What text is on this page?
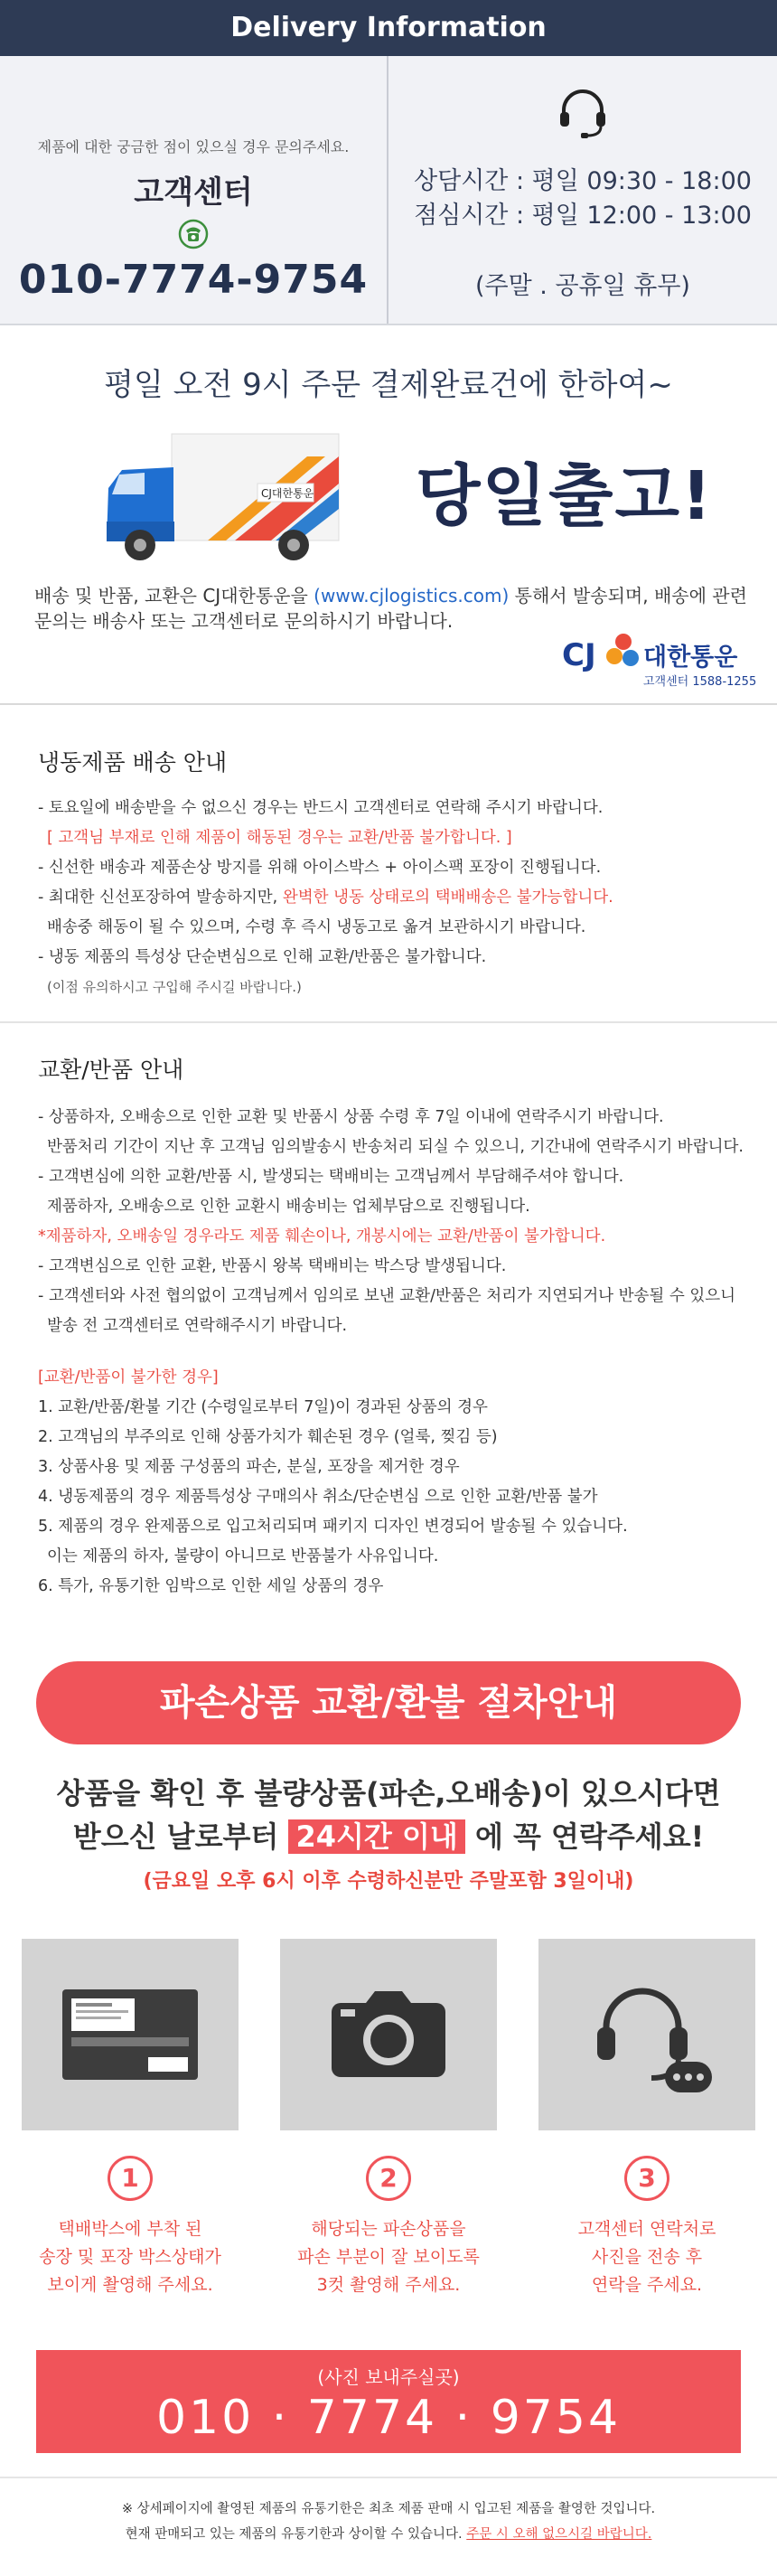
Delivery Information
제품에 대한 궁금한 점이 있으실 경우 문의주세요.
고객센터
010-7774-9754
상담시간 : 평일 09:30 - 18:00
점심시간 : 평일 12:00 - 13:00
(주말 . 공휴일 휴무)
평일 오전 9시 주문 결제완료건에 한하여~
CJ대한통운 당일출고!
배송 및 반품, 교환은 CJ대한통운을 (www.cjlogistics.com) 통해서 발송되며, 배송에 관련
문의는 배송사 또는 고객센터로 문의하시기 바랍니다.
CJ 대한통운
고객센터 1588-1255
냉동제품 배송 안내
- 토요일에 배송받을 수 없으신 경우는 반드시 고객센터로 연락해 주시기 바랍니다.
[ 고객님 부재로 인해 제품이 해동된 경우는 교환/반품 불가합니다. ]
- 신선한 배송과 제품손상 방지를 위해 아이스박스 + 아이스팩 포장이 진행됩니다.
- 최대한 신선포장하여 발송하지만, 완벽한 냉동 상태로의 택배배송은 불가능합니다.
배송중 해동이 될 수 있으며, 수령 후 즉시 냉동고로 옮겨 보관하시기 바랍니다.
- 냉동 제품의 특성상 단순변심으로 인해 교환/반품은 불가합니다.
(이점 유의하시고 구입해 주시길 바랍니다.)
교환/반품 안내
- 상품하자, 오배송으로 인한 교환 및 반품시 상품 수령 후 7일 이내에 연락주시기 바랍니다.
반품처리 기간이 지난 후 고객님 임의발송시 반송처리 되실 수 있으니, 기간내에 연락주시기 바랍니다.
- 고객변심에 의한 교환/반품 시, 발생되는 택배비는 고객님께서 부담해주셔야 합니다.
제품하자, 오배송으로 인한 교환시 배송비는 업체부담으로 진행됩니다.
*제품하자, 오배송일 경우라도 제품 훼손이나, 개봉시에는 교환/반품이 불가합니다.
- 고객변심으로 인한 교환, 반품시 왕복 택배비는 박스당 발생됩니다.
- 고객센터와 사전 협의없이 고객님께서 임의로 보낸 교환/반품은 처리가 지연되거나 반송될 수 있으니
발송 전 고객센터로 연락해주시기 바랍니다.
[교환/반품이 불가한 경우]
1. 교환/반품/환불 기간 (수령일로부터 7일)이 경과된 상품의 경우
2. 고객님의 부주의로 인해 상품가치가 훼손된 경우 (얼룩, 찢김 등)
3. 상품사용 및 제품 구성품의 파손, 분실, 포장을 제거한 경우
4. 냉동제품의 경우 제품특성상 구매의사 취소/단순변심 으로 인한 교환/반품 불가
5. 제품의 경우 완제품으로 입고처리되며 패키지 디자인 변경되어 발송될 수 있습니다.
이는 제품의 하자, 불량이 아니므로 반품불가 사유입니다.
6. 특가, 유통기한 임박으로 인한 세일 상품의 경우
파손상품 교환/환불 절차안내
상품을 확인 후 불량상품(파손,오배송)이 있으시다면
받으신 날로부터 24시간 이내 에 꼭 연락주세요!
(금요일 오후 6시 이후 수령하신분만 주말포함 3일이내)
1
택배박스에 부착 된
송장 및 포장 박스상태가
보이게 촬영해 주세요.
2
해당되는 파손상품을
파손 부분이 잘 보이도록
3컷 촬영해 주세요.
3
고객센터 연락처로
사진을 전송 후
연락을 주세요.
(사진 보내주실곳)
010 · 7774 · 9754
※ 상세페이지에 촬영된 제품의 유통기한은 최초 제품 판매 시 입고된 제품을 촬영한 것입니다.
현재 판매되고 있는 제품의 유통기한과 상이할 수 있습니다. 주문 시 오해 없으시길 바랍니다.
